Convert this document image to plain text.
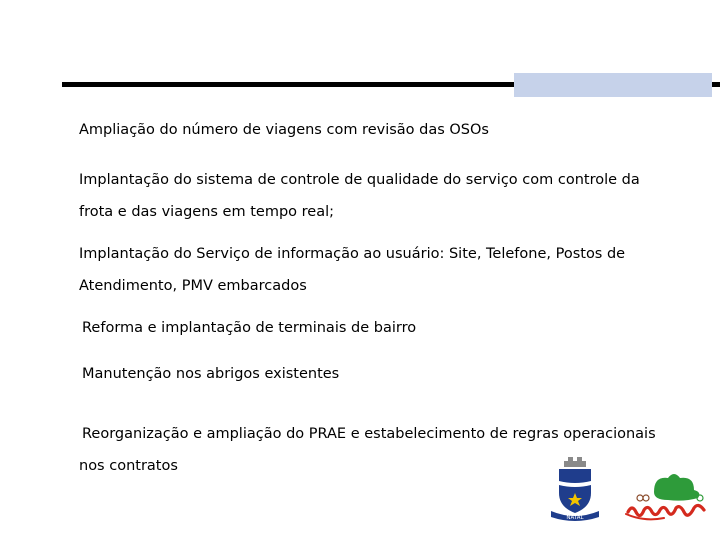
Ampliação do número de viagens com revisão das OSOs

Implantação do sistema de controle de qualidade do serviço com controle da
frota e das viagens em tempo real;

Implantação do Serviço de informação ao usuário: Site, Telefone, Postos de
Atendimento, PMV embarcados

Reforma e implantação de terminais de bairro

Manutenção nos abrigos existentes

Reorganização e ampliação do PRAE e estabelecimento de regras operacionais
nos contratos

NATAL
